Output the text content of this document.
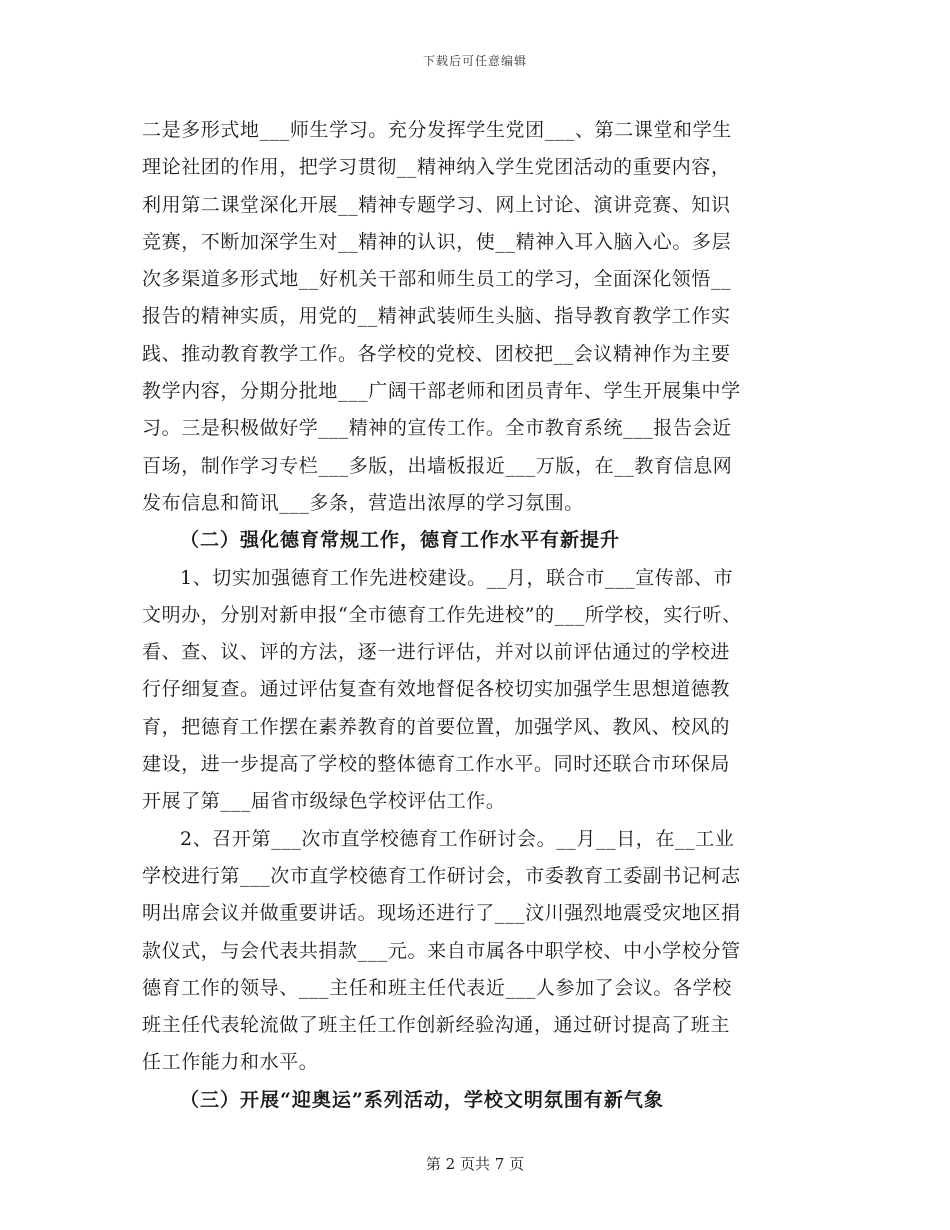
下载后可任意编辑
二是多形式地___师生学习。充分发挥学生党团___、第二课堂和学生
理论社团的作用，把学习贯彻__精神纳入学生党团活动的重要内容，
利用第二课堂深化开展__精神专题学习、网上讨论、演讲竞赛、知识
竞赛，不断加深学生对__精神的认识，使__精神入耳入脑入心。多层
次多渠道多形式地__好机关干部和师生员工的学习，全面深化领悟__
报告的精神实质，用党的__精神武装师生头脑、指导教育教学工作实
践、推动教育教学工作。各学校的党校、团校把__会议精神作为主要
教学内容，分期分批地___广阔干部老师和团员青年、学生开展集中学
习。三是积极做好学___精神的宣传工作。全市教育系统___报告会近
百场，制作学习专栏___多版，出墙板报近___万版，在__教育信息网
发布信息和简讯___多条，营造出浓厚的学习氛围。
（二）强化德育常规工作，德育工作水平有新提升
1、切实加强德育工作先进校建设。__月，联合市___宣传部、市
文明办，分别对新申报“全市德育工作先进校”的___所学校，实行听、
看、查、议、评的方法，逐一进行评估，并对以前评估通过的学校进
行仔细复查。通过评估复查有效地督促各校切实加强学生思想道德教
育，把德育工作摆在素养教育的首要位置，加强学风、教风、校风的
建设，进一步提高了学校的整体德育工作水平。同时还联合市环保局
开展了第___届省市级绿色学校评估工作。
2、召开第___次市直学校德育工作研讨会。__月__日，在__工业
学校进行第___次市直学校德育工作研讨会，市委教育工委副书记柯志
明出席会议并做重要讲话。现场还进行了___汶川强烈地震受灾地区捐
款仪式，与会代表共捐款___元。来自市属各中职学校、中小学校分管
德育工作的领导、___主任和班主任代表近___人参加了会议。各学校
班主任代表轮流做了班主任工作创新经验沟通，通过研讨提高了班主
任工作能力和水平。
（三）开展“迎奥运”系列活动，学校文明氛围有新气象
第 2 页共 7 页
